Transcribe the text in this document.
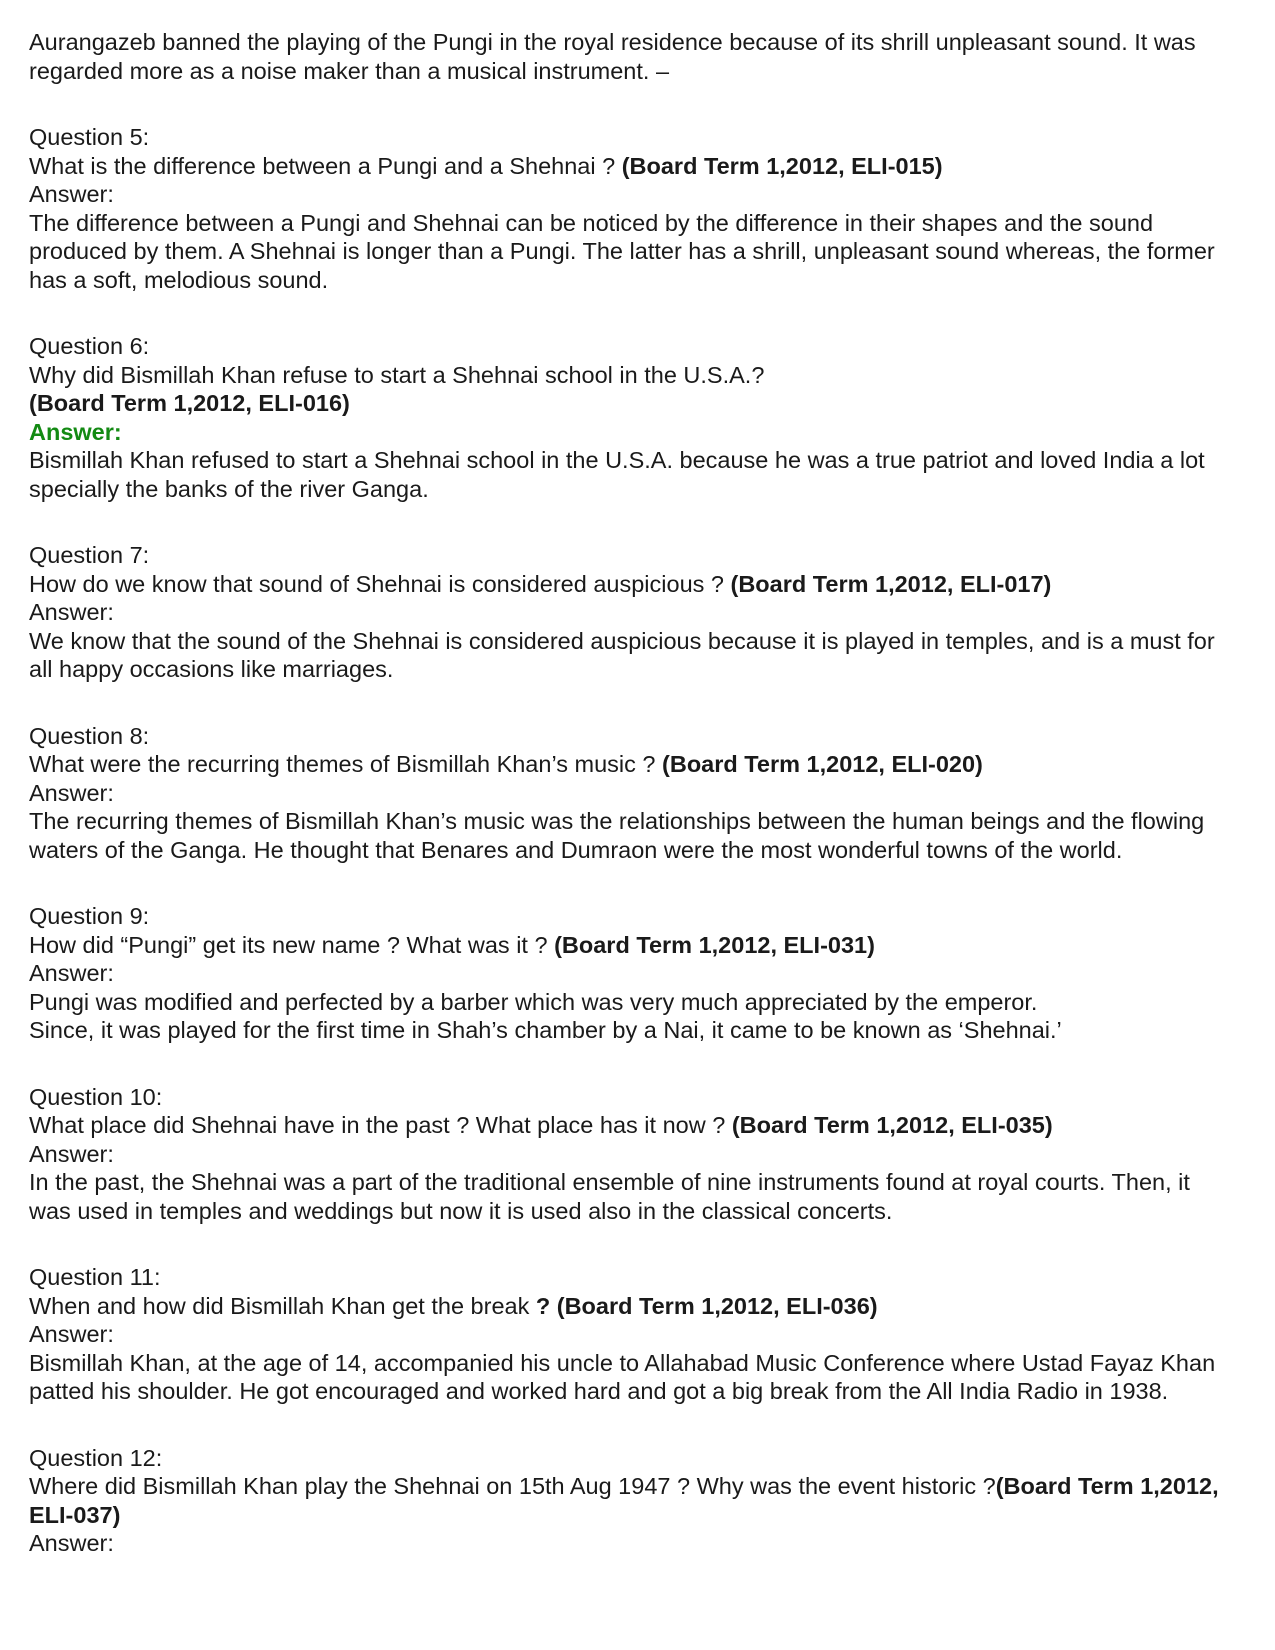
Aurangazeb banned the playing of the Pungi in the royal residence because of its shrill unpleasant sound. It was regarded more as a noise maker than a musical instrument. –

Question 5:

What is the difference between a Pungi and a Shehnai ? (Board Term 1,2012, ELI-015)

Answer:

The difference between a Pungi and Shehnai can be noticed by the difference in their shapes and the sound produced by them. A Shehnai is longer than a Pungi. The latter has a shrill, unpleasant sound whereas, the former has a soft, melodious sound.

Question 6:

Why did Bismillah Khan refuse to start a Shehnai school in the U.S.A.?

(Board Term 1,2012, ELI-016)

Answer:

Bismillah Khan refused to start a Shehnai school in the U.S.A. because he was a true patriot and loved India a lot specially the banks of the river Ganga.

Question 7:

How do we know that sound of Shehnai is considered auspicious ? (Board Term 1,2012, ELI-017)

Answer:

We know that the sound of the Shehnai is considered auspicious because it is played in temples, and is a must for all happy occasions like marriages.

Question 8:

What were the recurring themes of Bismillah Khan’s music ? (Board Term 1,2012, ELI-020)

Answer:

The recurring themes of Bismillah Khan’s music was the relationships between the human beings and the flowing waters of the Ganga. He thought that Benares and Dumraon were the most wonderful towns of the world.

Question 9:

How did “Pungi” get its new name ? What was it ? (Board Term 1,2012, ELI-031)

Answer:

Pungi was modified and perfected by a barber which was very much appreciated by the emperor.

Since, it was played for the first time in Shah’s chamber by a Nai, it came to be known as ‘Shehnai.’

Question 10:

What place did Shehnai have in the past ? What place has it now ? (Board Term 1,2012, ELI-035)

Answer:

In the past, the Shehnai was a part of the traditional ensemble of nine instruments found at royal courts. Then, it was used in temples and weddings but now it is used also in the classical concerts.

Question 11:

When and how did Bismillah Khan get the break ? (Board Term 1,2012, ELI-036)

Answer:

Bismillah Khan, at the age of 14, accompanied his uncle to Allahabad Music Conference where Ustad Fayaz Khan patted his shoulder. He got encouraged and worked hard and got a big break from the All India Radio in 1938.

Question 12:

Where did Bismillah Khan play the Shehnai on 15th Aug 1947 ? Why was the event historic ?(Board Term 1,2012, ELI-037)

Answer:
